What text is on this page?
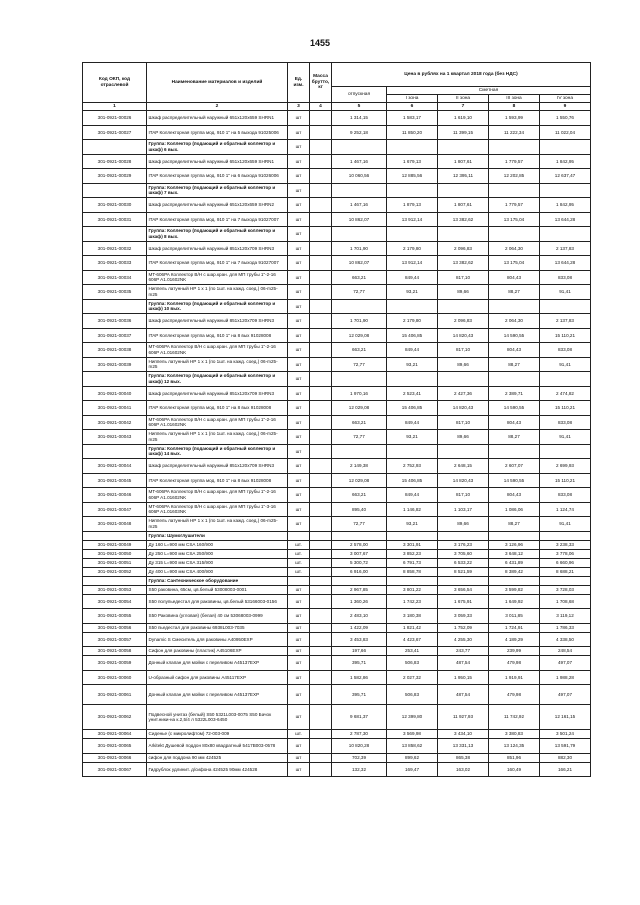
1455
Код ОКП, код отраслевой	Наименование материалов и изделий	Ед. изм.	Масса брутто, кг	Цена в рублях на 1 квартал 2018 года (без НДС)				
				отпускная	Сметная			
					I зона	II зона	III зона	IV зона
1	2	3	4	5	6	7	8	9
301-0921-00026	Шкаф распределительный наружный 651x120x659 SHRN1	шт		1 314,15	1 583,17	1 619,10	1 593,99	1 550,76
301-0921-00027	ITAP Коллекторная группа мод. 910 1" на 5 выхода 91025006	шт		9 252,18	11 850,20	11 399,15	11 222,34	11 022,04
	Группа: Коллектор (подающий и обратный коллектор и шкаф) 6 вых.	шт						
301-0921-00028	Шкаф распределительный наружный 651x120x659 SHRN1	шт		1 467,16	1 679,13	1 807,61	1 779,57	1 842,95
301-0921-00029	ITAP Коллекторная группа мод. 910 1" на 6 выхода 91026006	шт		10 060,56	12 885,56	12 395,11	12 202,85	12 637,47
	Группа: Коллектор (подающий и обратный коллектор и шкаф) 7 вых.	шт						
301-0921-00030	Шкаф распределительный наружный 651x120x659 SHRN2	шт		1 467,16	1 879,13	1 807,61	1 779,57	1 842,95
301-0921-00031	ITAP Коллекторная группа мод. 910 1" на 7 выхода 91027007	шт		10 862,07	13 912,14	13 382,62	13 175,04	13 644,28
	Группа: Коллектор (подающий и обратный коллектор и шкаф) 8 вых.	шт						
301-0921-00032	Шкаф распределительный наружный 851x120x709 SHRN3	шт		1 701,90	2 179,80	2 096,83	2 064,30	2 137,83
301-0921-00033	ITAP Коллекторная группа мод. 910 1" на 7 выхода 91027007	шт		10 862,07	13 912,14	13 382,62	13 175,04	13 644,28
301-0921-00034	MT-606PA Коллектор В/Н с шар.кран. для МП трубы 1"-2-16 606P A1.01602NK	шт		663,21	849,44	817,10	804,43	833,08
301-0921-00035	Ниппель латунный НР 1 x 1 (по 1шт. на кажд. соед.) 06-m25-m25	шт		72,77	93,21	89,66	88,27	91,41
	Группа: Коллектор (подающий и обратный коллектор и шкаф) 10 вых.	шт						
301-0921-00036	Шкаф распределительный наружный 851x120x709 SHRN3	шт		1 701,90	2 179,80	2 096,83	2 064,30	2 137,83
301-0921-00037	ITAP Коллекторная группа мод. 910 1" на 8 вых 91028008	шт		12 029,08	15 406,85	14 820,43	14 590,55	15 110,21
301-0921-00038	MT-606PA Коллектор В/Н с шар.кран. для МП трубы 1"-2-16 606P A1.01602NK	шт		663,21	849,44	817,10	804,43	833,08
301-0921-00039	Ниппель латунный НР 1 x 1 (по 1шт. на кажд. соед.) 06-m25-m25	шт		72,77	93,21	89,66	88,27	91,41
	Группа: Коллектор (подающий и обратный коллектор и шкаф) 12 вых.	шт						
301-0921-00040	Шкаф распределительный наружный 851x120x709 SHRN3	шт		1 970,16	2 523,41	2 427,36	2 389,71	2 474,82
301-0921-00041	ITAP Коллекторная группа мод. 910 1" на 8 вых 91028008	шт		12 029,08	15 406,85	14 820,43	14 590,55	15 110,21
301-0921-00042	MT-606PA Коллектор В/Н с шар.кран. для МП трубы 1"-2-16 606P A1.01602NK	шт		663,21	849,44	817,10	804,43	833,08
301-0921-00043	Ниппель латунный НР 1 x 1 (по 1шт. на кажд. соед.) 06-m25-m25	шт		72,77	93,21	89,66	88,27	91,41
	Группа: Коллектор (подающий и обратный коллектор и шкаф) 14 вых.	шт						
301-0921-00044	Шкаф распределительный наружный 851x120x709 SHRN3	шт		2 149,38	2 752,93	2 648,15	2 607,07	2 699,93
301-0921-00045	ITAP Коллекторная группа мод. 910 1" на 8 вых 91028008	шт		12 029,08	15 406,85	14 820,43	14 590,55	15 110,21
301-0921-00046	MT-606PA Коллектор В/Н с шар.кран. для МП трубы 1"-2-16 606P A1.01602NK	шт		663,21	849,44	817,10	804,43	833,08
301-0921-00047	MT-606PA Коллектор В/Н с шар.кран. для МП трубы 1"-3-16 606P A1.01603NK	шт		895,40	1 146,82	1 103,17	1 086,06	1 124,74
301-0921-00048	Ниппель латунный НР 1 x 1 (по 1шт. на кажд. соед.) 06-m25-m25	шт		72,77	93,21	89,66	88,27	91,41
	Группа: Шумоглушители							
301-0921-00049	Ду 160 L=900 мм CSA 160/900	шт.		2 578,00	3 301,91	3 176,23	3 126,96	3 238,33
301-0921-00050	Ду 250 L=900 мм CSA 250/900	шт.		3 007,67	3 852,23	3 705,60	3 648,12	3 778,06
301-0921-00051	Ду 315 L=900 мм CSA 315/900	шт.		5 300,72	6 791,73	6 533,22	6 431,89	6 660,96
301-0921-00052	Ду 400 L=900 мм CSA 400/900	шт.		6 916,00	8 858,78	8 521,59	8 389,42	8 688,21
	Группа: Сантехническое оборудование							
301-0921-00053	S50 раковина, 65см, цв.белый 53008003-0001	шт		2 967,85	3 801,22	3 656,54	3 599,82	3 728,03
301-0921-00054	S50 полупьедестал для раковины, цв.белый 53166003-0156	шт		1 360,26	1 742,23	1 675,91	1 649,92	1 708,68
301-0921-00055	S50 Раковина (угловая) (белая) 40 см 53068003-0999	шт		2 483,10	3 180,38	3 059,33	3 011,85	3 119,12
301-0921-00056	S50 пьедестал для раковины 6938L003-7035	шт		1 422,09	1 821,42	1 752,09	1 724,91	1 786,33
301-0921-00057	Dynamic S Смеситель для раковины A40950EXP	шт		3 453,83	4 423,67	4 255,30	4 189,29	4 338,50
301-0921-00058	Сифон для раковины (пластик) A45106EXP	шт		197,66	253,41	243,77	239,99	248,54
301-0921-00059	Донный клапан для мойки с переливом A45137EXP	шт		395,71	506,83	487,54	479,98	497,07
301-0921-00060	U-образный сифон для раковины A45117EXP	шт		1 582,86	2 027,32	1 950,15	1 919,91	1 988,28
301-0921-00061	Донный клапан для мойки с переливом A45137EXP	шт		395,71	506,83	487,54	479,98	497,07
301-0921-00062	Подвесной унитаз (белый) S50 5321L003-0075 S50 Бачок унит.ники-на к.2,5/4 л 5322L003-6450	шт		9 681,37	12 399,80	11 927,93	11 742,92	12 161,15
301-0921-00064	Сиденье (с микролифтом) 72-003-009	шт.		2 787,30	3 569,98	3 434,10	3 380,83	3 501,24
301-0921-00065	Arkitekt Душевой поддон 80x80 квадратный 5417B003-0578	шт		10 820,28	13 858,62	13 331,13	13 124,35	13 591,79
301-0921-00066	сифон для поддона 90 мм 424525	шт		702,39	899,62	865,38	851,96	882,30
301-0921-00067	Гидрублок удлинит. д/сифона 424525 90мм 424528	шт		132,32	169,47	163,02	160,49	166,21
